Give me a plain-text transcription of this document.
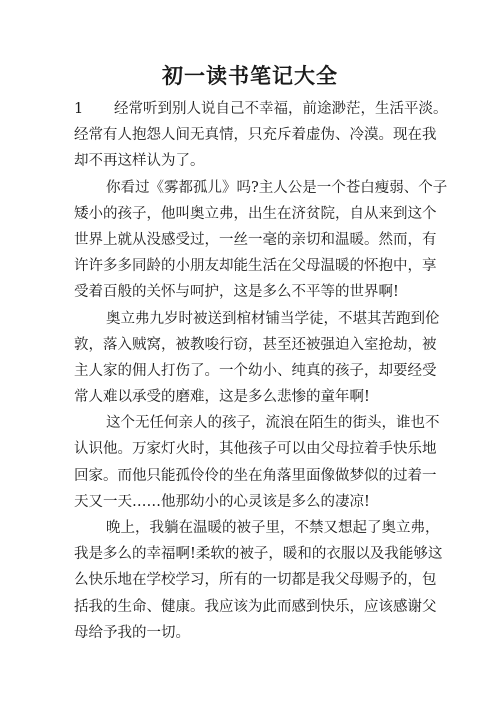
初一读书笔记大全
1 经常听到别人说自己不幸福，前途渺茫，生活平淡。
经常有人抱怨人间无真情，只充斥着虚伪、冷漠。现在我
却不再这样认为了。
你看过《雾都孤儿》吗?主人公是一个苍白瘦弱、个子
矮小的孩子，他叫奥立弗，出生在济贫院，自从来到这个
世界上就从没感受过，一丝一毫的亲切和温暖。然而，有
许许多多同龄的小朋友却能生活在父母温暖的怀抱中，享
受着百般的关怀与呵护，这是多么不平等的世界啊!
奥立弗九岁时被送到棺材铺当学徒，不堪其苦跑到伦
敦，落入贼窝，被教唆行窃，甚至还被强迫入室抢劫，被
主人家的佣人打伤了。一个幼小、纯真的孩子，却要经受
常人难以承受的磨难，这是多么悲惨的童年啊!
这个无任何亲人的孩子，流浪在陌生的街头，谁也不
认识他。万家灯火时，其他孩子可以由父母拉着手快乐地
回家。而他只能孤伶伶的坐在角落里面像做梦似的过着一
天又一天……他那幼小的心灵该是多么的凄凉!
晚上，我躺在温暖的被子里，不禁又想起了奥立弗，
我是多么的幸福啊!柔软的被子，暖和的衣服以及我能够这
么快乐地在学校学习，所有的一切都是我父母赐予的，包
括我的生命、健康。我应该为此而感到快乐，应该感谢父
母给予我的一切。
